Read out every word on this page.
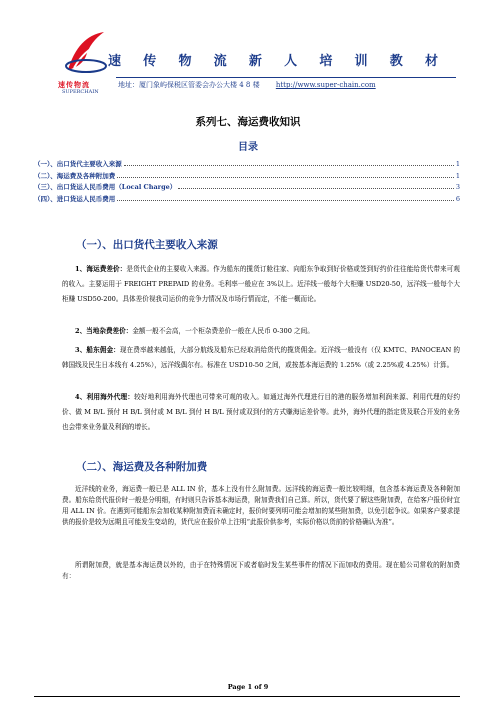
速传物流
SUPERCHAIN
速 传 物 流 新 人 培 训 教 材
地址：厦门象屿保税区管委会办公大楼 4 8 楼 http://www.super-chain.com
系列七、海运费收知识
目录
（一）、出口货代主要收入来源	1
（二）、海运费及各种附加费	1
（三）、出口货运人民币费用（Local Charge）	3
（四）、进口货运人民币费用	6
（一）、出口货代主要收入来源
1、海运费差价：是货代企业的主要收入来源。作为船东的揽货订舱往家、向船东争取到好价格或签到好约价往往能给货代带来可观的收入。主要运用于 FREIGHT PREPAID 的业务。毛利率一般应在 3%以上。近洋线一般每个大柜赚 USD20-50，远洋线一般每个大柜赚 USD50-200。具体差价视我司运价的竞争力情况及市场行情而定，不能一概而论。
2、当地杂费差价：金额一般不会高，一个柜杂费差价一般在人民币 0-300 之间。
3、船东佣金：现在费率越来越低，大部分航线及船东已经取消给货代的揽货佣金。近洋线一般没有（仅 KMTC、PANOCEAN 的韩国线及民生日本线有 4.25%），远洋线偶尔有。标准在 USD10-50 之间，或按基本海运费的 1.25%（或 2.25%或 4.25%）计算。
4、利用海外代理：较好地利用海外代理也可带来可观的收入。如通过海外代理进行目的港的服务增加利润来源、利用代理的好约价、做 M B/L 预付 H B/L 到付或 M B/L 到付 H B/L 预付或双到付的方式赚海运差价等。此外，海外代理的指定货及联合开发的业务也会带来业务量及利润的增长。
（二）、海运费及各种附加费
近洋线的业务，海运费一般已是 ALL IN 价，基本上没有什么附加费。远洋线的海运费一般比较明细，包含基本海运费及各种附加费。船东给货代报价时一般是分明细，有时则只告诉基本海运费，附加费我们自己算。所以，货代要了解这些附加费，在给客户报价时宜用 ALL IN 价。在遇到可能船东会加收某种附加费而未确定时，报价时要列明可能会增加的某些附加费，以免引起争议。如果客户要求提供的报价是较为远期且可能发生变动的，货代应在报价单上注明“此报价供参考，实际价格以货前的价格确认为准”。
所谓附加费，就是基本海运费以外的，由于在特殊情况下或者临时发生某些事件的情况下而加收的费用。现在船公司常收的附加费有：
Page 1 of 9
